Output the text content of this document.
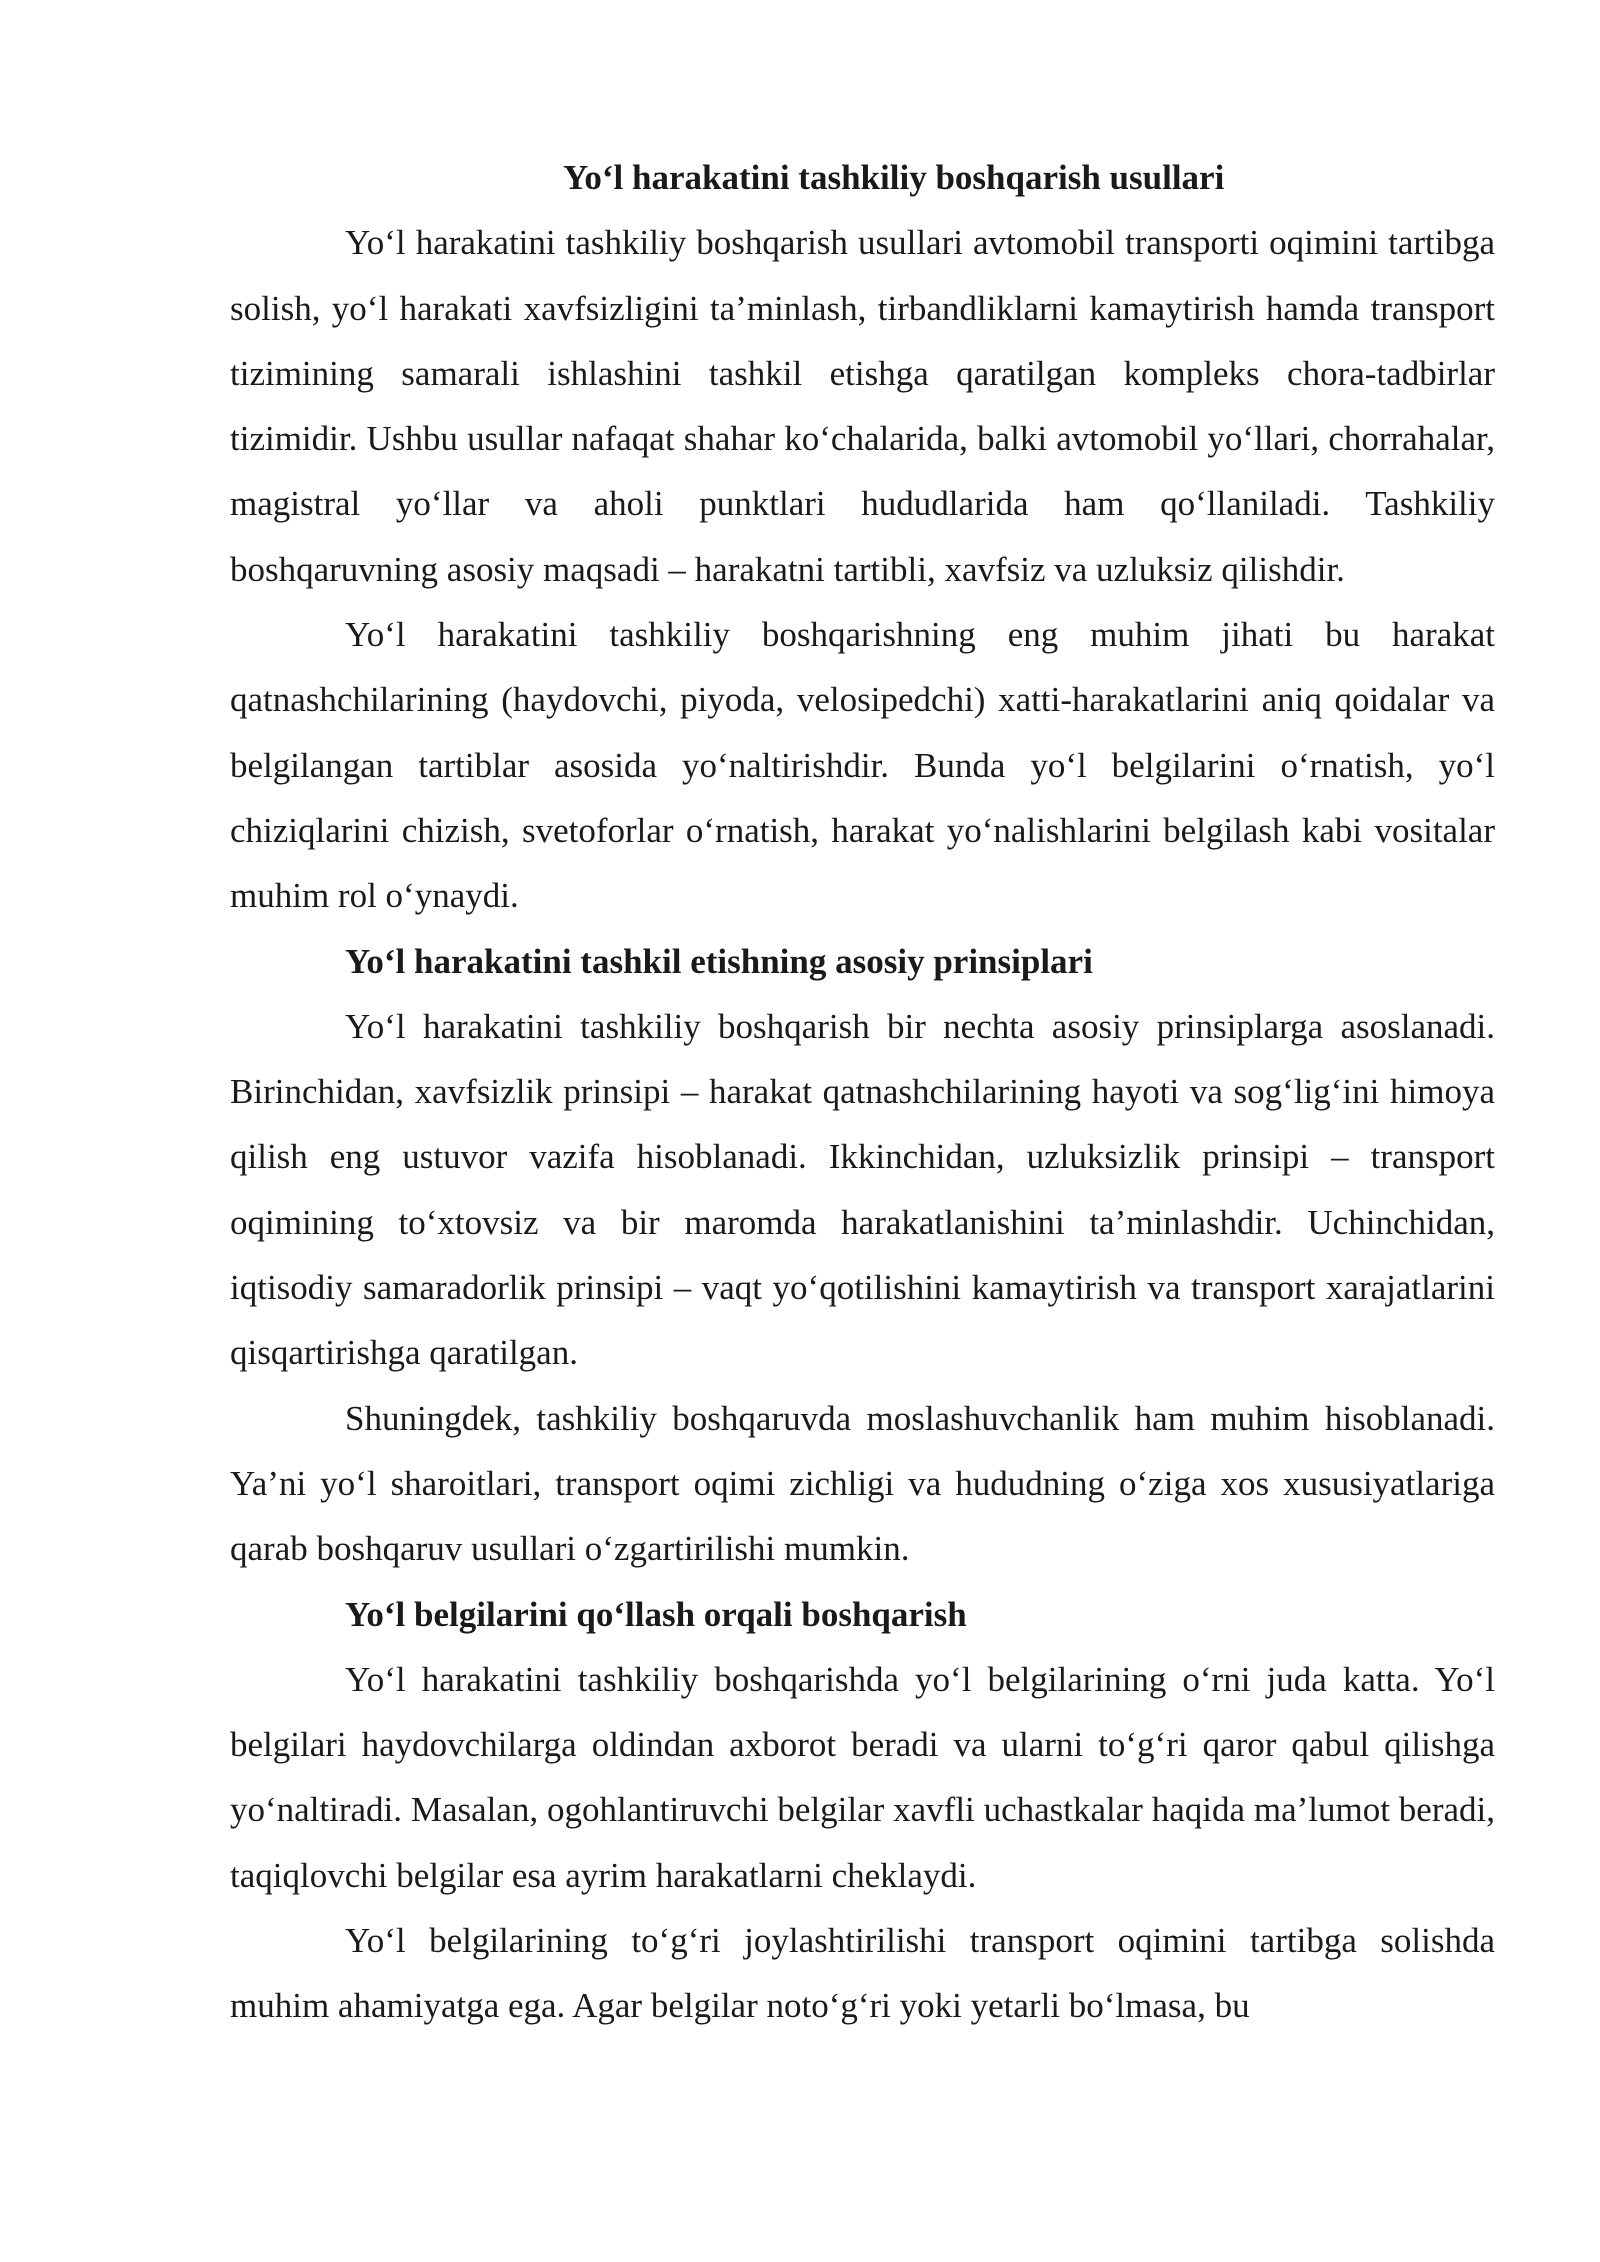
Yo‘l harakatini tashkiliy boshqarish usullari

Yo‘l harakatini tashkiliy boshqarish usullari avtomobil transporti oqimini tartibga solish, yo‘l harakati xavfsizligini ta’minlash, tirbandliklarni kamaytirish hamda transport tizimining samarali ishlashini tashkil etishga qaratilgan kompleks chora-tadbirlar tizimidir. Ushbu usullar nafaqat shahar ko‘chalarida, balki avtomobil yo‘llari, chorrahalar, magistral yo‘llar va aholi punktlari hududlarida ham qo‘llaniladi. Tashkiliy boshqaruvning asosiy maqsadi – harakatni tartibli, xavfsiz va uzluksiz qilishdir.

Yo‘l harakatini tashkiliy boshqarishning eng muhim jihati bu harakat qatnashchilarining (haydovchi, piyoda, velosipedchi) xatti-harakatlarini aniq qoidalar va belgilangan tartiblar asosida yo‘naltirishdir. Bunda yo‘l belgilarini o‘rnatish, yo‘l chiziqlarini chizish, svetoforlar o‘rnatish, harakat yo‘nalishlarini belgilash kabi vositalar muhim rol o‘ynaydi.

Yo‘l harakatini tashkil etishning asosiy prinsiplari

Yo‘l harakatini tashkiliy boshqarish bir nechta asosiy prinsiplarga asoslanadi. Birinchidan, xavfsizlik prinsipi – harakat qatnashchilarining hayoti va sog‘lig‘ini himoya qilish eng ustuvor vazifa hisoblanadi. Ikkinchidan, uzluksizlik prinsipi – transport oqimining to‘xtovsiz va bir maromda harakatlanishini ta’minlashdir. Uchinchidan, iqtisodiy samaradorlik prinsipi – vaqt yo‘qotilishini kamaytirish va transport xarajatlarini qisqartirishga qaratilgan.

Shuningdek, tashkiliy boshqaruvda moslashuvchanlik ham muhim hisoblanadi. Ya’ni yo‘l sharoitlari, transport oqimi zichligi va hududning o‘ziga xos xususiyatlariga qarab boshqaruv usullari o‘zgartirilishi mumkin.

Yo‘l belgilarini qo‘llash orqali boshqarish

Yo‘l harakatini tashkiliy boshqarishda yo‘l belgilarining o‘rni juda katta. Yo‘l belgilari haydovchilarga oldindan axborot beradi va ularni to‘g‘ri qaror qabul qilishga yo‘naltiradi. Masalan, ogohlantiruvchi belgilar xavfli uchastkalar haqida ma’lumot beradi, taqiqlovchi belgilar esa ayrim harakatlarni cheklaydi.

Yo‘l belgilarining to‘g‘ri joylashtirilishi transport oqimini tartibga solishda muhim ahamiyatga ega. Agar belgilar noto‘g‘ri yoki yetarli bo‘lmasa, bu
